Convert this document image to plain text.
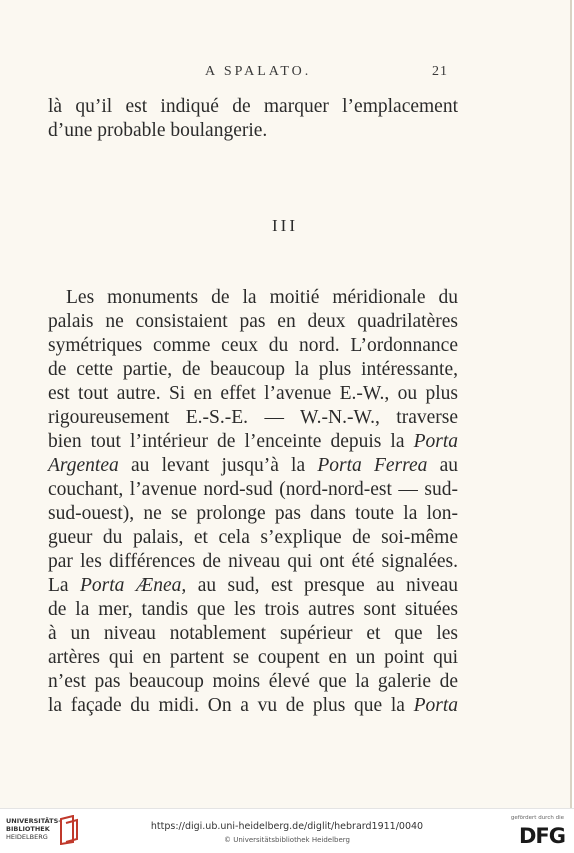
A SPALATO.	21
là qu’il est indiqué de marquer l’emplacement
d’une probable boulangerie.
III
Les monuments de la moitié méridionale du
palais ne consistaient pas en deux quadrilatères
symétriques comme ceux du nord. L’ordonnance
de cette partie, de beaucoup la plus intéressante,
est tout autre. Si en effet l’avenue E.-W., ou plus
rigoureusement E.-S.-E. — W.-N.-W., traverse
bien tout l’intérieur de l’enceinte depuis la Porta
Argentea au levant jusqu’à la Porta Ferrea au
couchant, l’avenue nord-sud (nord-nord-est — sud-
sud-ouest), ne se prolonge pas dans toute la lon-
gueur du palais, et cela s’explique de soi-même
par les différences de niveau qui ont été signalées.
La Porta Ænea, au sud, est presque au niveau
de la mer, tandis que les trois autres sont situées
à un niveau notablement supérieur et que les
artères qui en partent se coupent en un point qui
n’est pas beaucoup moins élevé que la galerie de
la façade du midi. On a vu de plus que la Porta
UNIVERSITÄTS-
BIBLIOTHEK
HEIDELBERG
https://digi.ub.uni-heidelberg.de/diglit/hebrard1911/0040
© Universitätsbibliothek Heidelberg
gefördert durch die
DFG
